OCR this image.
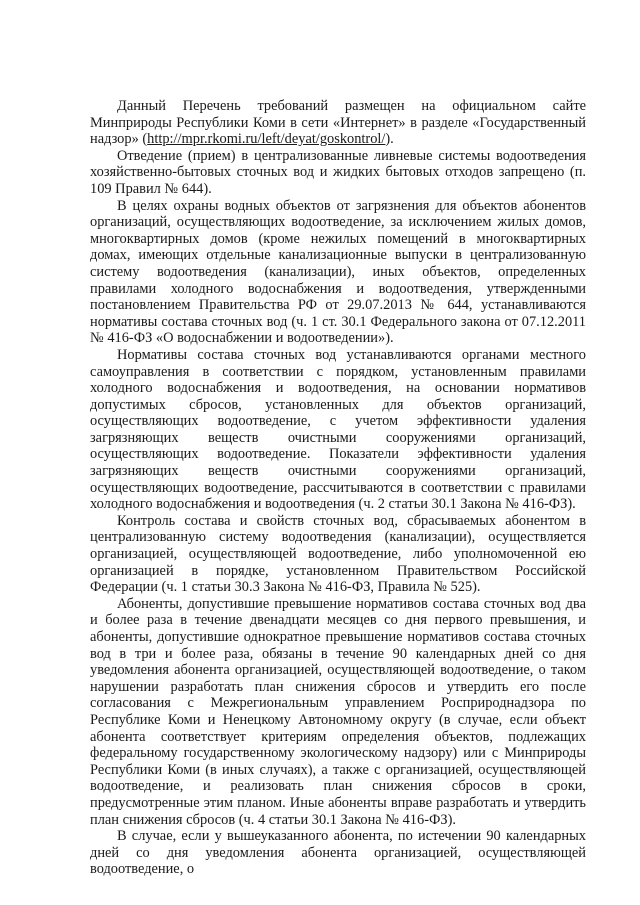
Данный Перечень требований размещен на официальном сайте Минприроды Республики Коми в сети «Интернет» в разделе «Государственный надзор» (http://mpr.rkomi.ru/left/deyat/goskontrol/).

Отведение (прием) в централизованные ливневые системы водоотведения хозяйственно-бытовых сточных вод и жидких бытовых отходов запрещено (п. 109 Правил № 644).

В целях охраны водных объектов от загрязнения для объектов абонентов организаций, осуществляющих водоотведение, за исключением жилых домов, многоквартирных домов (кроме нежилых помещений в многоквартирных домах, имеющих отдельные канализационные выпуски в централизованную систему водоотведения (канализации), иных объектов, определенных правилами холодного водоснабжения и водоотведения, утвержденными постановлением Правительства РФ от 29.07.2013 № 644, устанавливаются нормативы состава сточных вод (ч. 1 ст. 30.1 Федерального закона от 07.12.2011 № 416-ФЗ «О водоснабжении и водоотведении»).

Нормативы состава сточных вод устанавливаются органами местного самоуправления в соответствии с порядком, установленным правилами холодного водоснабжения и водоотведения, на основании нормативов допустимых сбросов, установленных для объектов организаций, осуществляющих водоотведение, с учетом эффективности удаления загрязняющих веществ очистными сооружениями организаций, осуществляющих водоотведение. Показатели эффективности удаления загрязняющих веществ очистными сооружениями организаций, осуществляющих водоотведение, рассчитываются в соответствии с правилами холодного водоснабжения и водоотведения (ч. 2 статьи 30.1 Закона № 416-ФЗ).

Контроль состава и свойств сточных вод, сбрасываемых абонентом в централизованную систему водоотведения (канализации), осуществляется организацией, осуществляющей водоотведение, либо уполномоченной ею организацией в порядке, установленном Правительством Российской Федерации (ч. 1 статьи 30.3 Закона № 416-ФЗ, Правила № 525).

Абоненты, допустившие превышение нормативов состава сточных вод два и более раза в течение двенадцати месяцев со дня первого превышения, и абоненты, допустившие однократное превышение нормативов состава сточных вод в три и более раза, обязаны в течение 90 календарных дней со дня уведомления абонента организацией, осуществляющей водоотведение, о таком нарушении разработать план снижения сбросов и утвердить его после согласования с Межрегиональным управлением Росприроднадзора по Республике Коми и Ненецкому Автономному округу (в случае, если объект абонента соответствует критериям определения объектов, подлежащих федеральному государственному экологическому надзору) или с Минприроды Республики Коми (в иных случаях), а также с организацией, осуществляющей водоотведение, и реализовать план снижения сбросов в сроки, предусмотренные этим планом. Иные абоненты вправе разработать и утвердить план снижения сбросов (ч. 4 статьи 30.1 Закона № 416-ФЗ).

В случае, если у вышеуказанного абонента, по истечении 90 календарных дней со дня уведомления абонента организацией, осуществляющей водоотведение, о
